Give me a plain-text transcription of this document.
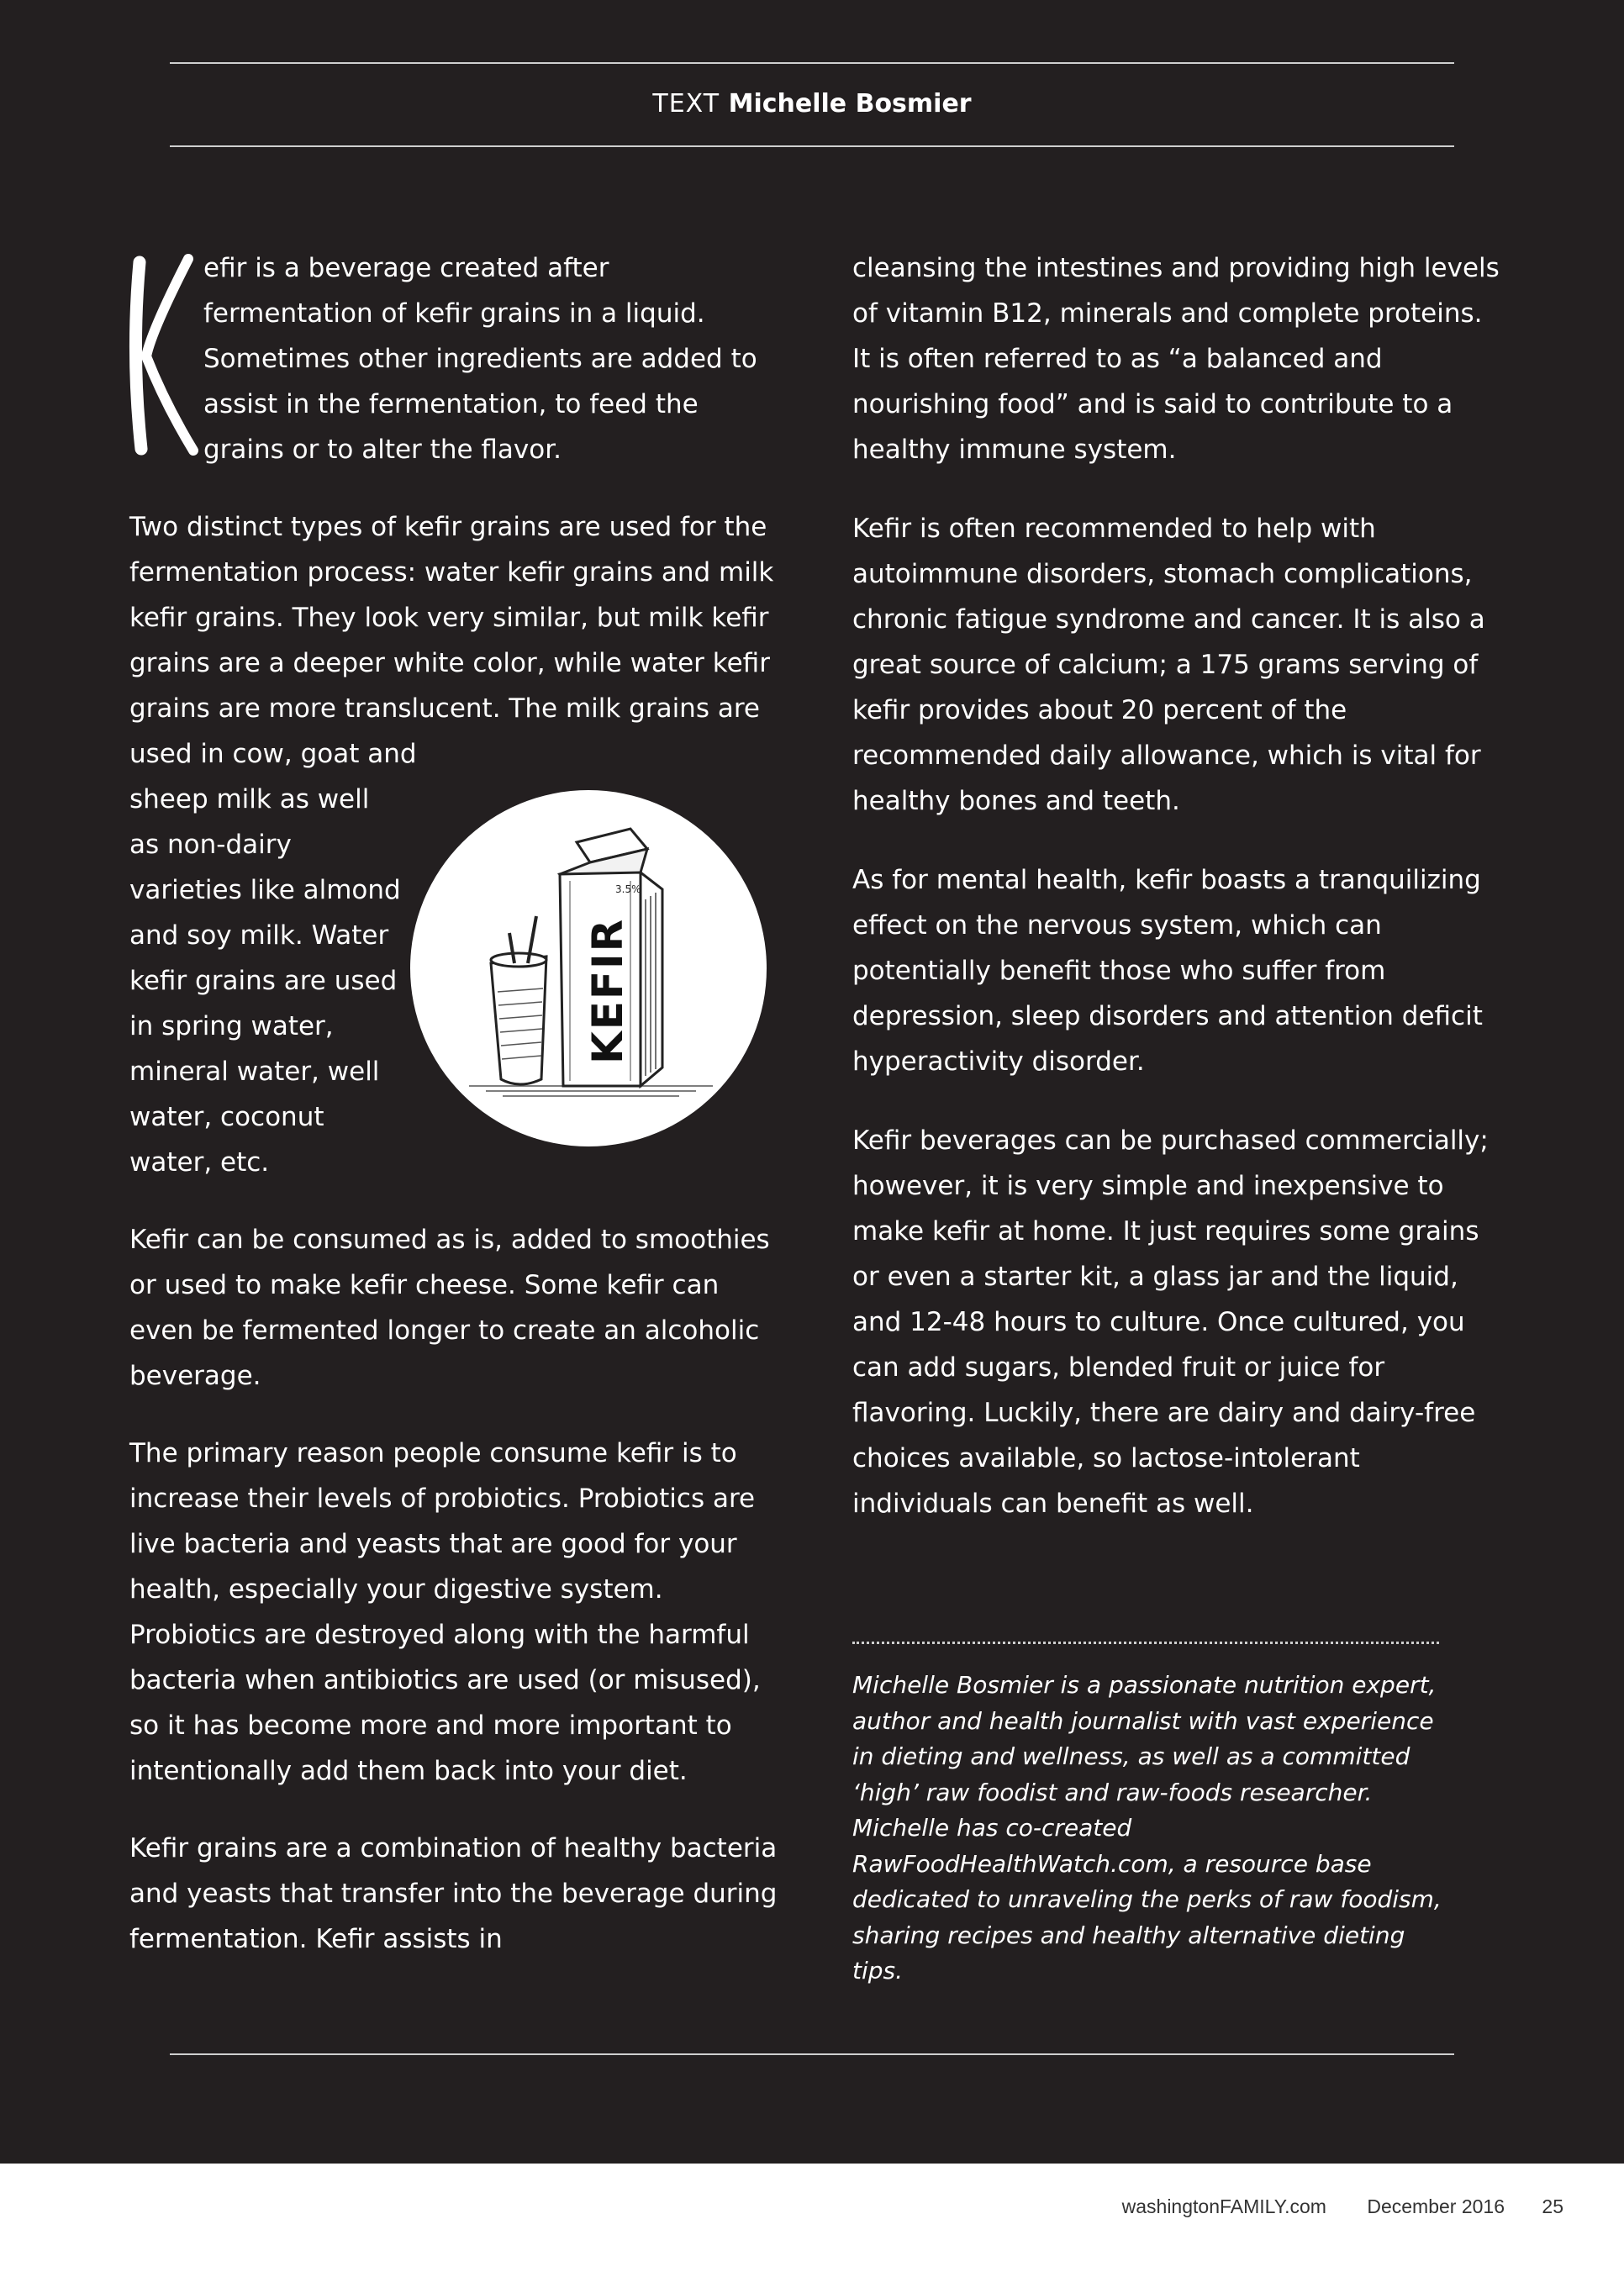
TEXT Michelle Bosmier

efir is a beverage created after fermentation of kefir grains in a liquid. Sometimes other ingredients are added to assist in the fermentation, to feed the grains or to alter the flavor.

Two distinct types of kefir grains are used for the fermentation process: water kefir grains and milk kefir grains. They look very similar, but milk kefir grains are a deeper white color, while water kefir grains are more translucent. The milk grains are used in cow, goat and

sheep milk as well as non-dairy varieties like almond and soy milk. Water kefir grains are used in spring water, mineral water, well water, coconut water, etc.

Kefir can be consumed as is, added to smoothies or used to make kefir cheese. Some kefir can even be fermented longer to create an alcoholic beverage.

The primary reason people consume kefir is to increase their levels of probiotics. Probiotics are live bacteria and yeasts that are good for your health, especially your digestive system. Probiotics are destroyed along with the harmful bacteria when antibiotics are used (or misused), so it has become more and more important to intentionally add them back into your diet.

Kefir grains are a combination of healthy bacteria and yeasts that transfer into the beverage during fermentation. Kefir assists in

3.5%
KEFIR

cleansing the intestines and providing high levels of vitamin B12, minerals and complete proteins. It is often referred to as “a balanced and nourishing food” and is said to contribute to a healthy immune system.

Kefir is often recommended to help with autoimmune disorders, stomach complications, chronic fatigue syndrome and cancer. It is also a great source of calcium; a 175 grams serving of kefir provides about 20 percent of the recommended daily allowance, which is vital for healthy bones and teeth.

As for mental health, kefir boasts a tranquilizing effect on the nervous system, which can potentially benefit those who suffer from depression, sleep disorders and attention deficit hyperactivity disorder.

Kefir beverages can be purchased commercially; however, it is very simple and inexpensive to make kefir at home. It just requires some grains or even a starter kit, a glass jar and the liquid, and 12-48 hours to culture. Once cultured, you can add sugars, blended fruit or juice for flavoring. Luckily, there are dairy and dairy-free choices available, so lactose-intolerant individuals can benefit as well.

Michelle Bosmier is a passionate nutrition expert, author and health journalist with vast experience in dieting and wellness, as well as a committed ‘high’ raw foodist and raw-foods researcher. Michelle has co-created RawFoodHealthWatch.com, a resource base dedicated to unraveling the perks of raw foodism, sharing recipes and healthy alternative dieting tips.

washingtonFAMILY.com December 2016 25
